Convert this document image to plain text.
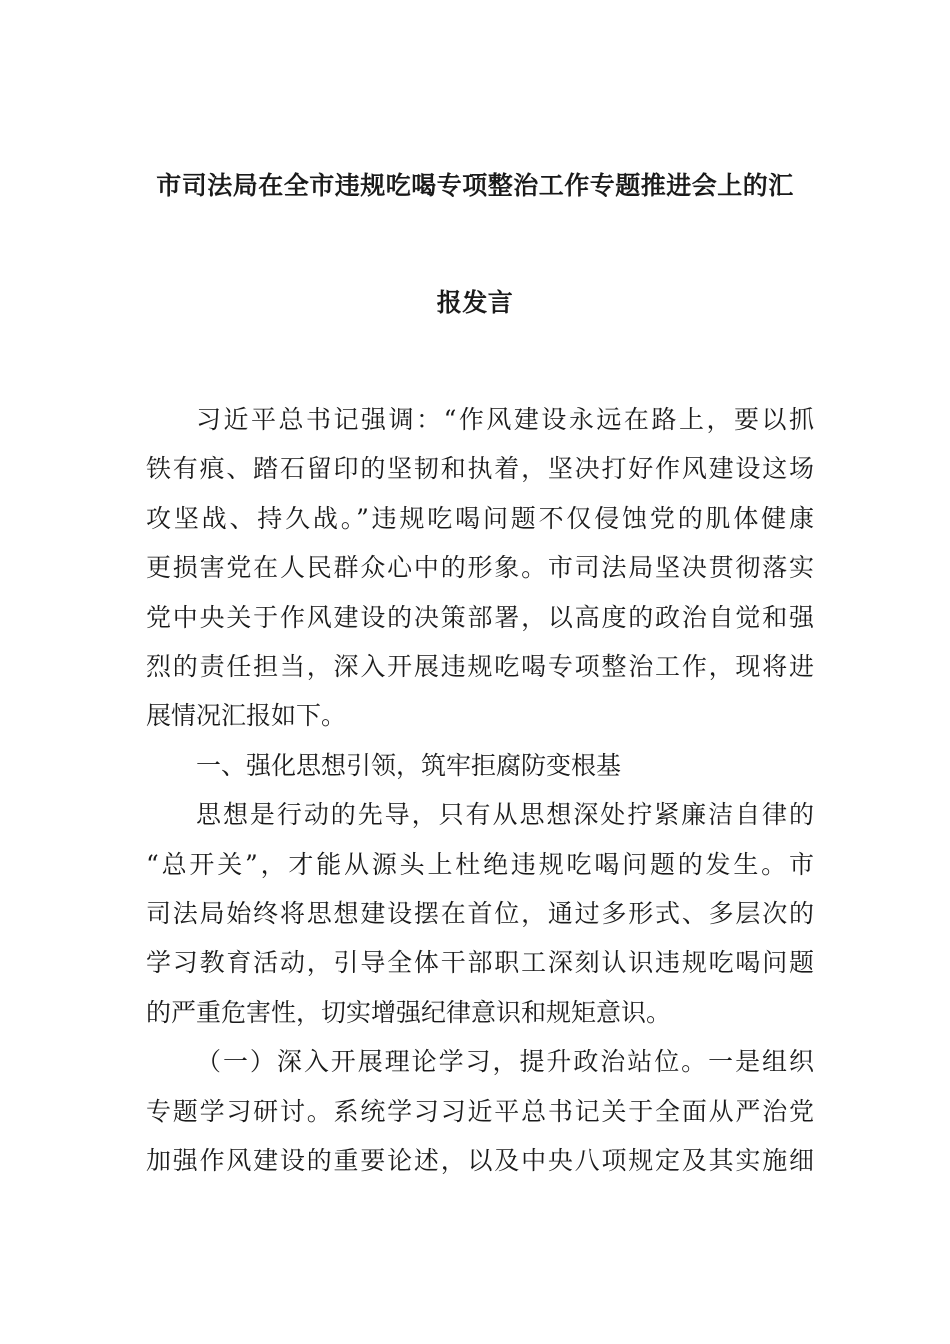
市司法局在全市违规吃喝专项整治工作专题推进会上的汇
报发言

习近平总书记强调：“作风建设永远在路上，要以抓
铁有痕、踏石留印的坚韧和执着，坚决打好作风建设这场
攻坚战、持久战。”违规吃喝问题不仅侵蚀党的肌体健康
更损害党在人民群众心中的形象。市司法局坚决贯彻落实
党中央关于作风建设的决策部署，以高度的政治自觉和强
烈的责任担当，深入开展违规吃喝专项整治工作，现将进
展情况汇报如下。

一、强化思想引领，筑牢拒腐防变根基

思想是行动的先导，只有从思想深处拧紧廉洁自律的
“总开关”，才能从源头上杜绝违规吃喝问题的发生。市
司法局始终将思想建设摆在首位，通过多形式、多层次的
学习教育活动，引导全体干部职工深刻认识违规吃喝问题
的严重危害性，切实增强纪律意识和规矩意识。

（一）深入开展理论学习，提升政治站位。一是组织
专题学习研讨。系统学习习近平总书记关于全面从严治党
加强作风建设的重要论述，以及中央八项规定及其实施细
